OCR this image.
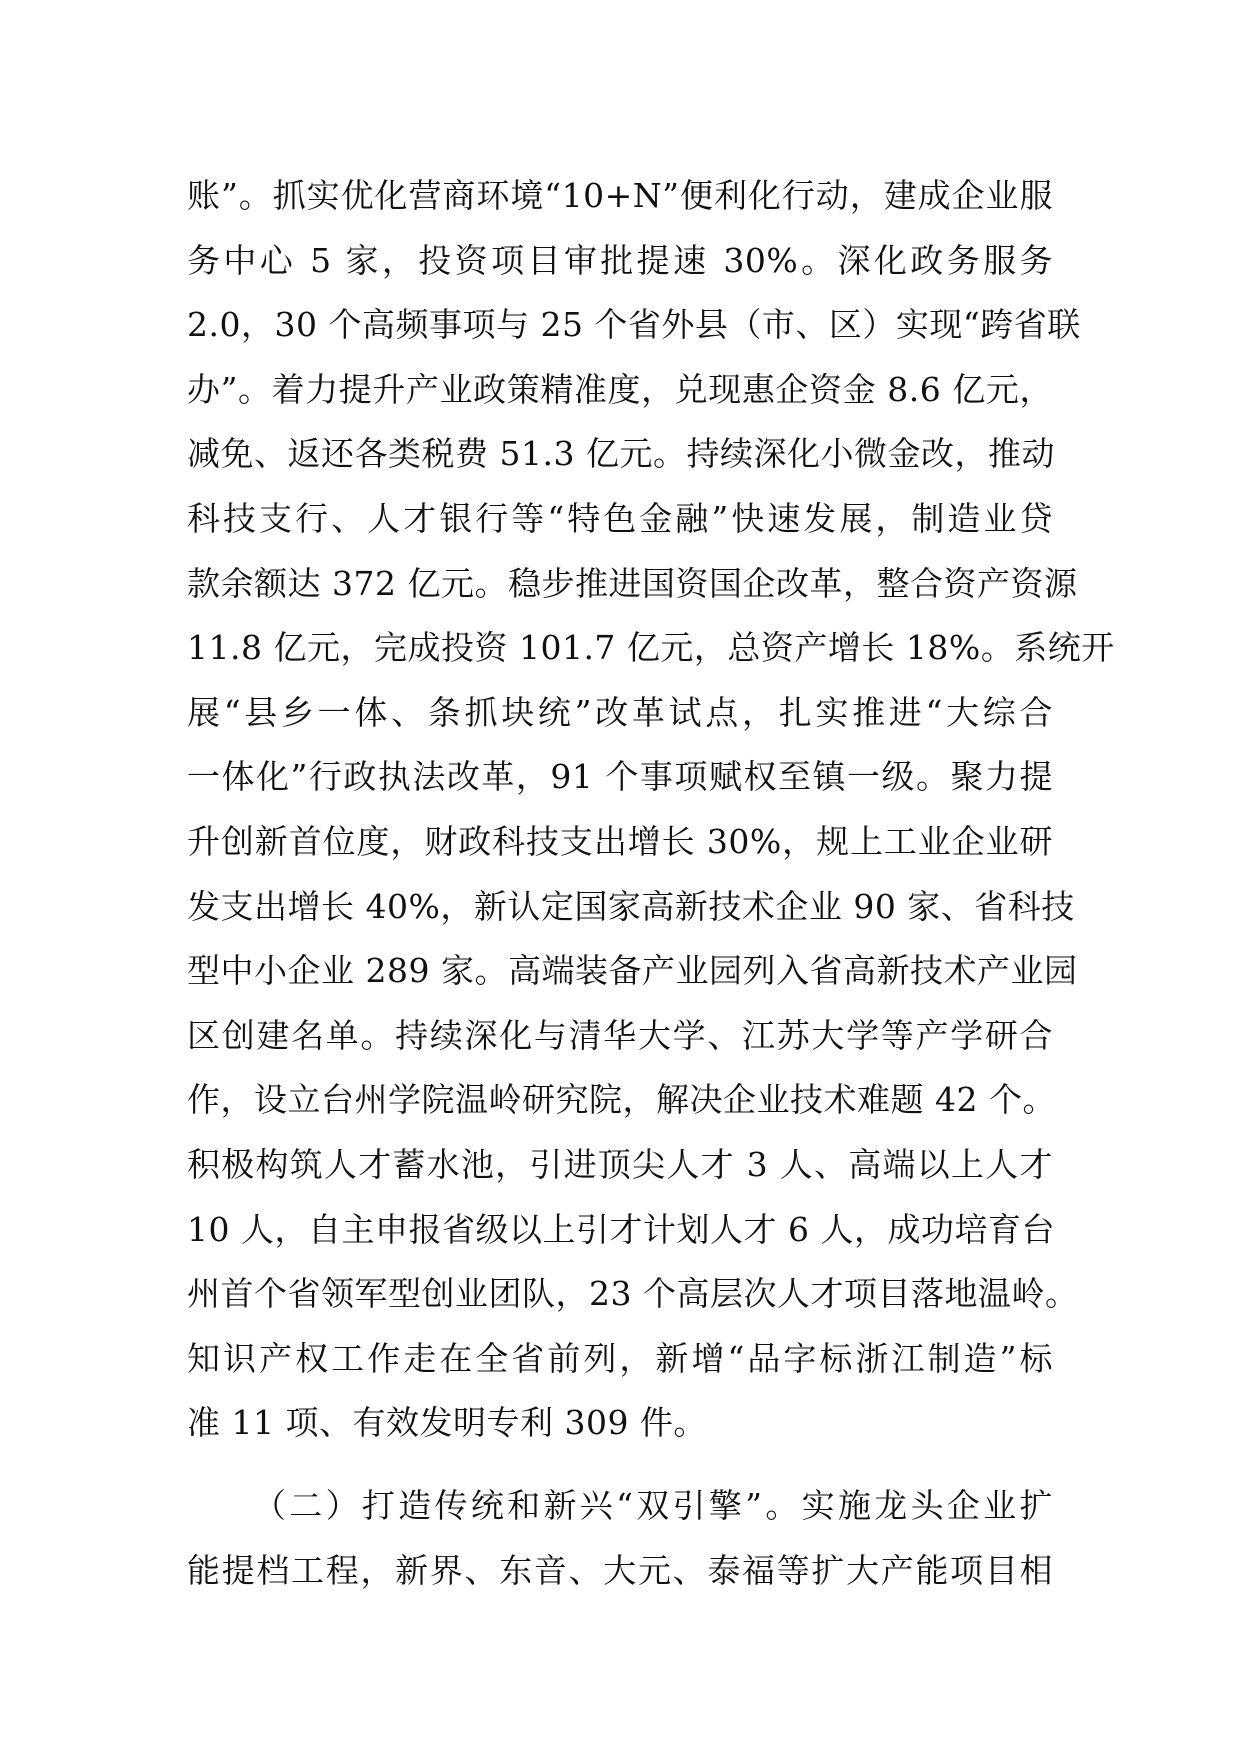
账”。抓实优化营商环境“10+N”便利化行动，建成企业服
务中心 5 家，投资项目审批提速 30%。深化政务服务
2.0，30 个高频事项与 25 个省外县（市、区）实现“跨省联
办”。着力提升产业政策精准度，兑现惠企资金 8.6 亿元，
减免、返还各类税费 51.3 亿元。持续深化小微金改，推动
科技支行、人才银行等“特色金融”快速发展，制造业贷
款余额达 372 亿元。稳步推进国资国企改革，整合资产资源
11.8 亿元，完成投资 101.7 亿元，总资产增长 18%。系统开
展“县乡一体、条抓块统”改革试点，扎实推进“大综合
一体化”行政执法改革，91 个事项赋权至镇一级。聚力提
升创新首位度，财政科技支出增长 30%，规上工业企业研
发支出增长 40%，新认定国家高新技术企业 90 家、省科技
型中小企业 289 家。高端装备产业园列入省高新技术产业园
区创建名单。持续深化与清华大学、江苏大学等产学研合
作，设立台州学院温岭研究院，解决企业技术难题 42 个。
积极构筑人才蓄水池，引进顶尖人才 3 人、高端以上人才
10 人，自主申报省级以上引才计划人才 6 人，成功培育台
州首个省领军型创业团队，23 个高层次人才项目落地温岭。
知识产权工作走在全省前列，新增“品字标浙江制造”标
准 11 项、有效发明专利 309 件。
（二）打造传统和新兴“双引擎”。实施龙头企业扩
能提档工程，新界、东音、大元、泰福等扩大产能项目相
